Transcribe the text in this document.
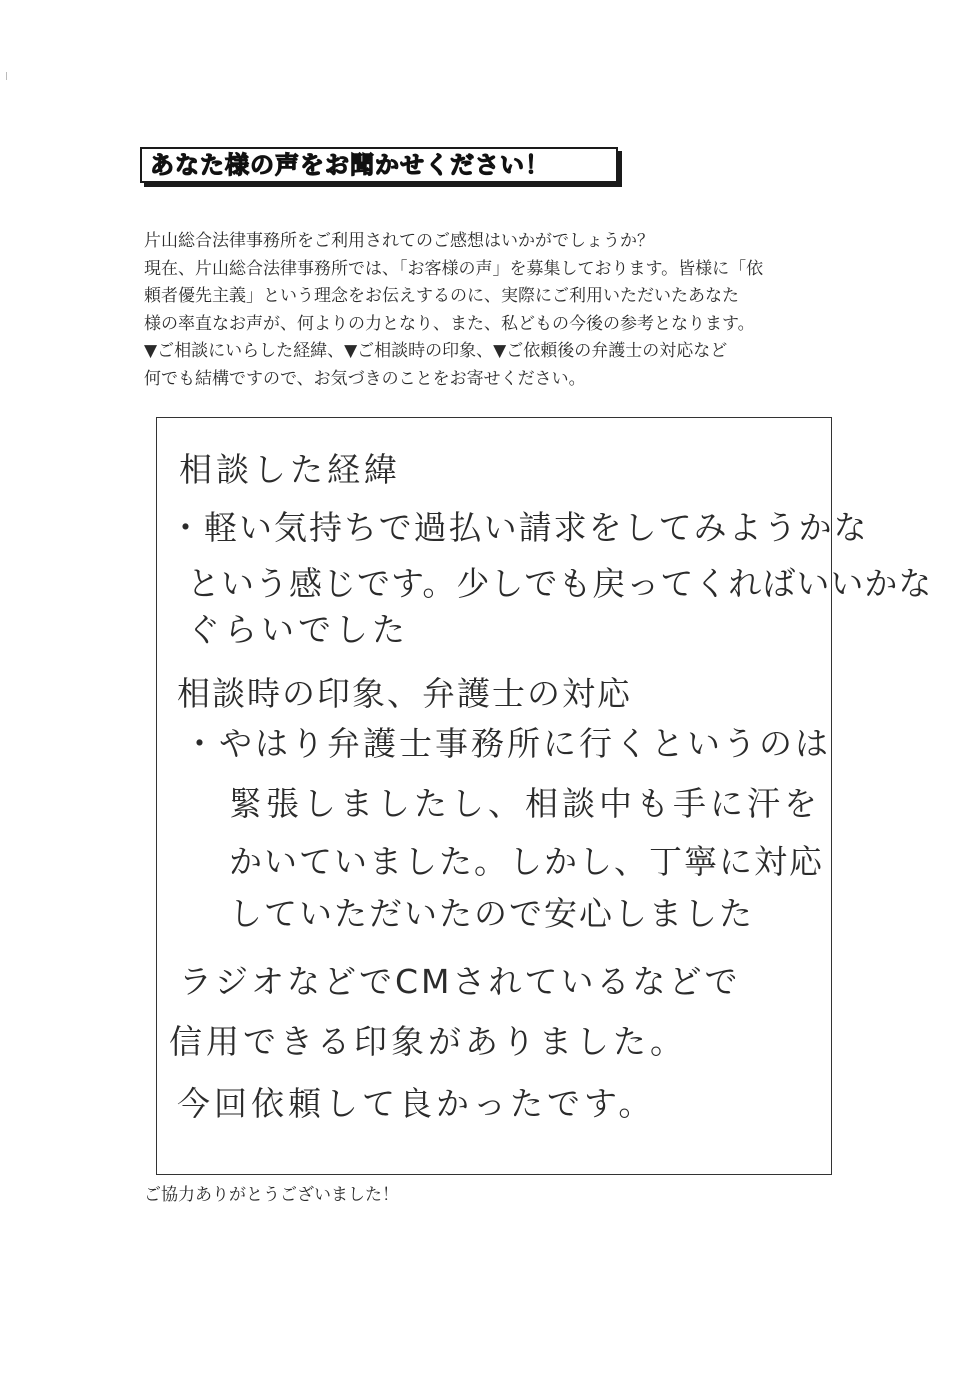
あなた様の声をお聞かせください！
片山総合法律事務所をご利用されてのご感想はいかがでしょうか？
現在、片山総合法律事務所では、「お客様の声」を募集しております。皆様に「依
頼者優先主義」という理念をお伝えするのに、実際にご利用いただいたあなた
様の率直なお声が、何よりの力となり、また、私どもの今後の参考となります。
▼ご相談にいらした経緯、▼ご相談時の印象、▼ご依頼後の弁護士の対応など
何でも結構ですので、お気づきのことをお寄せください。
相談した経緯
・軽い気持ちで過払い請求をしてみようかな
という感じです。少しでも戻ってくればいいかな
ぐらいでした
相談時の印象、弁護士の対応
・やはり弁護士事務所に行くというのは
緊張しましたし、相談中も手に汗を
かいていました。しかし、丁寧に対応
していただいたので安心しました
ラジオなどでCMされているなどで
信用できる印象がありました。
今回依頼して良かったです。
ご協力ありがとうございました！
